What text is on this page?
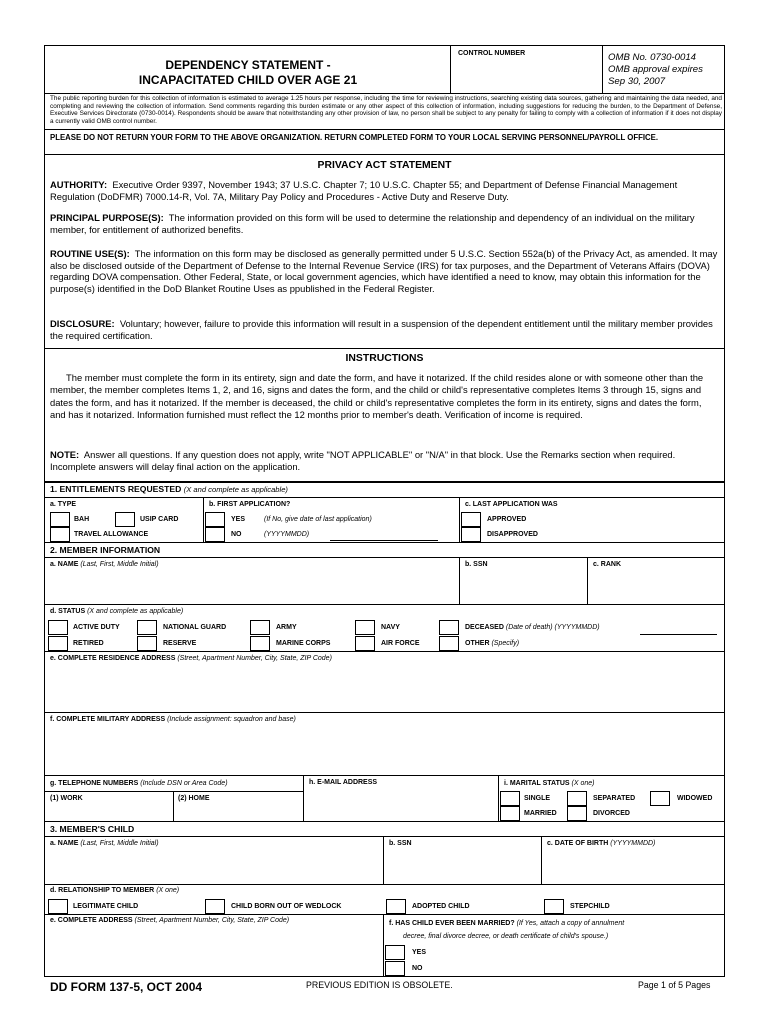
DEPENDENCY STATEMENT -
INCAPACITATED CHILD OVER AGE 21
CONTROL NUMBER	OMB No. 0730-0014
OMB approval expires
Sep 30, 2007
The public reporting burden for this collection of information is estimated to average 1.25 hours per response, including the time for reviewing instructions, searching existing data sources, gathering and maintaining the data needed, and completing and reviewing the collection of information. Send comments regarding this burden estimate or any other aspect of this collection of information, including suggestions for reducing the burden, to the Department of Defense, Executive Services Directorate (0730-0014). Respondents should be aware that notwithstanding any other provision of law, no person shall be subject to any penalty for failing to comply with a collection of information if it does not display a currently valid OMB control number.
PLEASE DO NOT RETURN YOUR FORM TO THE ABOVE ORGANIZATION. RETURN COMPLETED FORM TO YOUR LOCAL SERVING PERSONNEL/PAYROLL OFFICE.
PRIVACY ACT STATEMENT
AUTHORITY: Executive Order 9397, November 1943; 37 U.S.C. Chapter 7; 10 U.S.C. Chapter 55; and Department of Defense Financial Management Regulation (DoDFMR) 7000.14-R, Vol. 7A, Military Pay Policy and Procedures - Active Duty and Reserve Duty.
PRINCIPAL PURPOSE(S): The information provided on this form will be used to determine the relationship and dependency of an individual on the military member, for entitlement of authorized benefits.
ROUTINE USE(S): The information on this form may be disclosed as generally permitted under 5 U.S.C. Section 552a(b) of the Privacy Act, as amended. It may also be disclosed outside of the Department of Defense to the Internal Revenue Service (IRS) for tax purposes, and the Department of Veterans Affairs (DOVA) regarding DOVA compensation. Other Federal, State, or local government agencies, which have identified a need to know, may obtain this information for the purpose(s) identified in the DoD Blanket Routine Uses as ppublished in the Federal Register.
DISCLOSURE: Voluntary; however, failure to provide this information will result in a suspension of the dependent entitlement until the military member provides the required certification.
INSTRUCTIONS
The member must complete the form in its entirety, sign and date the form, and have it notarized. If the child resides alone or with someone other than the member, the member completes Items 1, 2, and 16, signs and dates the form, and the child or child's representative completes Items 3 through 15, signs and dates the form, and has it notarized. If the member is deceased, the child or child's representative completes the form in its entirety, signs and dates the form, and has it notarized. Information furnished must reflect the 12 months prior to member's death. Verification of income is required.
NOTE: Answer all questions. If any question does not apply, write "NOT APPLICABLE" or "N/A" in that block. Use the Remarks section when required. Incomplete answers will delay final action on the application.
1. ENTITLEMENTS REQUESTED (X and complete as applicable)
a. TYPE
BAH	USIP CARD
TRAVEL ALLOWANCE
b. FIRST APPLICATION?
YES	(If No, give date of last application)
NO	(YYYYMMDD)
c. LAST APPLICATION WAS
APPROVED
DISAPPROVED
2. MEMBER INFORMATION
a. NAME (Last, First, Middle Initial)	b. SSN	c. RANK
d. STATUS (X and complete as applicable)
ACTIVE DUTY	NATIONAL GUARD	ARMY	NAVY	DECEASED (Date of death) (YYYYMMDD)
RETIRED	RESERVE	MARINE CORPS	AIR FORCE	OTHER (Specify)
e. COMPLETE RESIDENCE ADDRESS (Street, Apartment Number, City, State, ZIP Code)
f. COMPLETE MILITARY ADDRESS (Include assignment: squadron and base)
g. TELEPHONE NUMBERS (Include DSN or Area Code)
(1) WORK	(2) HOME
h. E-MAIL ADDRESS	i. MARITAL STATUS (X one)
SINGLE	SEPARATED	WIDOWED
MARRIED	DIVORCED
3. MEMBER'S CHILD
a. NAME (Last, First, Middle Initial)	b. SSN	c. DATE OF BIRTH (YYYYMMDD)
d. RELATIONSHIP TO MEMBER (X one)
LEGITIMATE CHILD	CHILD BORN OUT OF WEDLOCK	ADOPTED CHILD	STEPCHILD
e. COMPLETE ADDRESS (Street, Apartment Number, City, State, ZIP Code)	f. HAS CHILD EVER BEEN MARRIED? (If Yes, attach a copy of annulment
decree, final divorce decree, or death certificate of child's spouse.)
YES
NO
DD FORM 137-5, OCT 2004	PREVIOUS EDITION IS OBSOLETE.	Page 1 of 5 Pages
